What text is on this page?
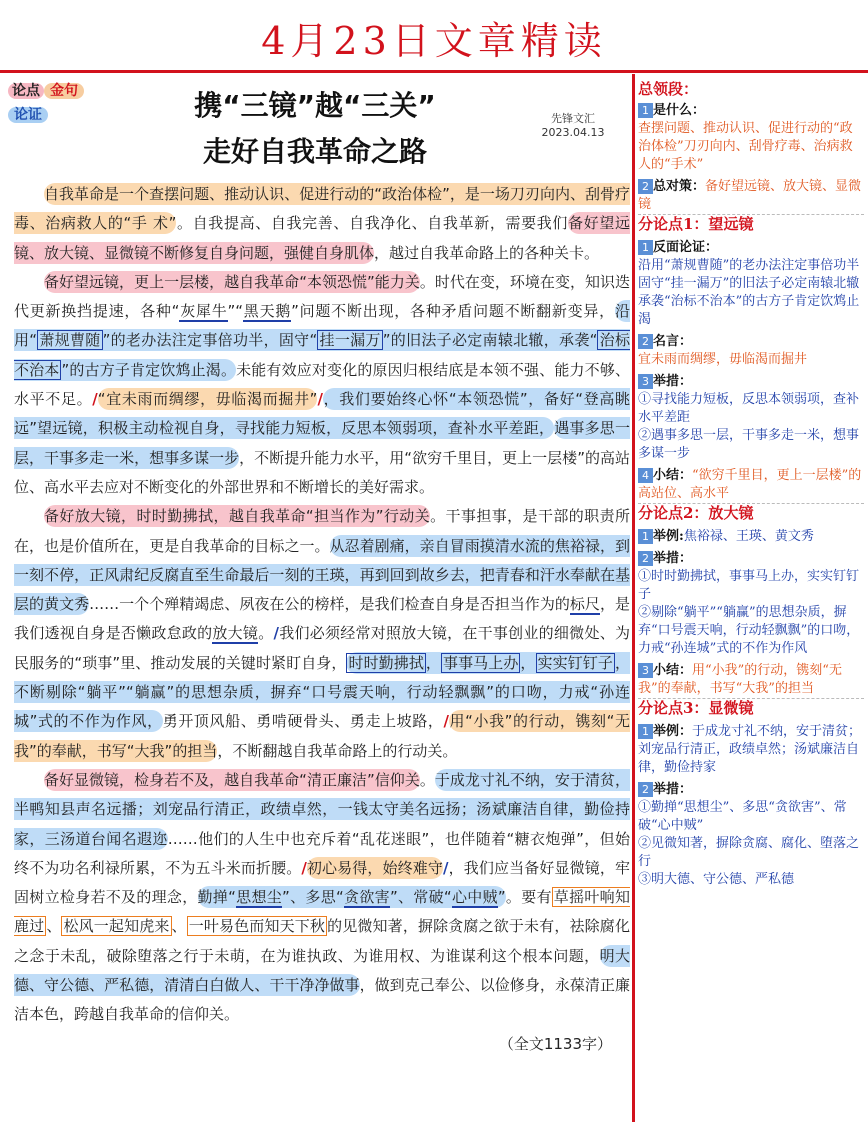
4月23日文章精读
论点 金句
论证	携“三镜”越“三关”
走好自我革命之路
先锋文汇
2023.04.13

自我革命是一个查摆问题、推动认识、促进行动的“政治体检”，是一场刀刃向内、刮骨疗毒、治病救人的“手 术”。自我提高、自我完善、自我净化、自我革新，需要我们备好望远镜、放大镜、显微镜不断修复自身问题，强健自身肌体，越过自我革命路上的各种关卡。

备好望远镜，更上一层楼，越自我革命“本领恐慌”能力关。时代在变，环境在变，知识迭代更新换挡提速，各种“灰犀牛”“黑天鹅”问题不断出现，各种矛盾问题不断翻新变异，沿用“ 萧规曹随 ”的老办法注定事倍功半，固守“ 挂一漏万 ”的旧法子必定南辕北辙，承袭“ 治标不治本 ”的古方子肯定饮鸩止渴。未能有效应对变化的原因归根结底是本领不强、能力不够、水平不足。/“宜未雨而绸缪，毋临渴而掘井”/，我们要始终心怀“本领恐慌”，备好“登高眺远”望远镜，积极主动检视自身，寻找能力短板，反思本领弱项，查补水平差距，遇事多思一层，干事多走一米，想事多谋一步，不断提升能力水平，用“欲穷千里目，更上一层楼”的高站位、高水平去应对不断变化的外部世界和不断增长的美好需求。

备好放大镜，时时勤拂拭，越自我革命“担当作为”行动关。干事担事，是干部的职责所在，也是价值所在，更是自我革命的目标之一。从忍着剧痛，亲自冒雨摸清水流的焦裕禄，到一刻不停，正风肃纪反腐直至生命最后一刻的王瑛，再到回到故乡去，把青春和汗水奉献在基层的黄文秀……一个个殚精竭虑、夙夜在公的榜样，是我们检查自身是否担当作为的标尺，是我们透视自身是否懒政怠政的放大镜。/我们必须经常对照放大镜，在干事创业的细微处、为民服务的“琐事”里、推动发展的关键时紧盯自身， 时时勤拂拭 ， 事事马上办 ， 实实钉钉子 ，不断剔除“躺平”“躺赢”的思想杂质，摒弃“口号震天响，行动轻飘飘”的口吻，力戒“孙连城”式的不作为作风，勇开顶风船、勇啃硬骨头、勇走上坡路，/用“小我”的行动，镌刻“无我”的奉献，书写“大我”的担当，不断翻越自我革命路上的行动关。

备好显微镜，检身若不及，越自我革命“清正廉洁”信仰关。于成龙寸礼不纳，安于清贫，半鸭知县声名远播；刘宠品行清正，政绩卓然，一钱太守美名远扬；汤斌廉洁自律，勤俭持家，三汤道台闻名遐迩……他们的人生中也充斥着“乱花迷眼”，也伴随着“糖衣炮弹”，但始终不为功名利禄所累，不为五斗米而折腰。/初心易得，始终难守/，我们应当备好显微镜，牢固树立检身若不及的理念，勤掸“思想尘”、多思“贪欲害”、常破“心中贼”。要有 草摇叶响知鹿过 、 松风一起知虎来 、 一叶易色而知天下秋 的见微知著，摒除贪腐之欲于未有，祛除腐化之念于未乱，破除堕落之行于未萌，在为谁执政、为谁用权、为谁谋利这个根本问题，明大德、守公德、严私德，清清白白做人、干干净净做事，做到克己奉公、以俭修身，永葆清正廉洁本色，跨越自我革命的信仰关。

（全文1133字）
总领段：
1 是什么：
查摆问题、推动认识、促进行动的“政治体检”刀刃向内、刮骨疗毒、治病救人的“手术”
2 总对策：备好望远镜、放大镜、显微镜
分论点1：望远镜
1 反面论证：
沿用“萧规曹随”的老办法注定事倍功半
固守“挂一漏万”的旧法子必定南辕北辙
承袭“治标不治本”的古方子肯定饮鸩止渴
2 名言：
宜未雨而绸缪，毋临渴而掘井
3 举措：
①寻找能力短板，反思本领弱项，查补水平差距
②遇事多思一层，干事多走一米，想事多谋一步
4 小结：“欲穷千里目，更上一层楼”的高站位、高水平
分论点2：放大镜
1 举例:焦裕禄、王瑛、黄文秀
2 举措：
①时时勤拂拭，事事马上办，实实钉钉子
②剔除“躺平”“躺赢”的思想杂质，摒弃“口号震天响，行动轻飘飘”的口吻，力戒“孙连城”式的不作为作风
3 小结：用“小我”的行动，镌刻“无我”的奉献，书写“大我”的担当
分论点3：显微镜
1 举例：于成龙寸礼不纳，安于清贫；刘宠品行清正，政绩卓然；汤斌廉洁自律，勤俭持家
2 举措：
①勤掸“思想尘”、多思“贪欲害”、常破“心中贼”
②见微知著，摒除贪腐、腐化、堕落之行
③明大德、守公德、严私德
